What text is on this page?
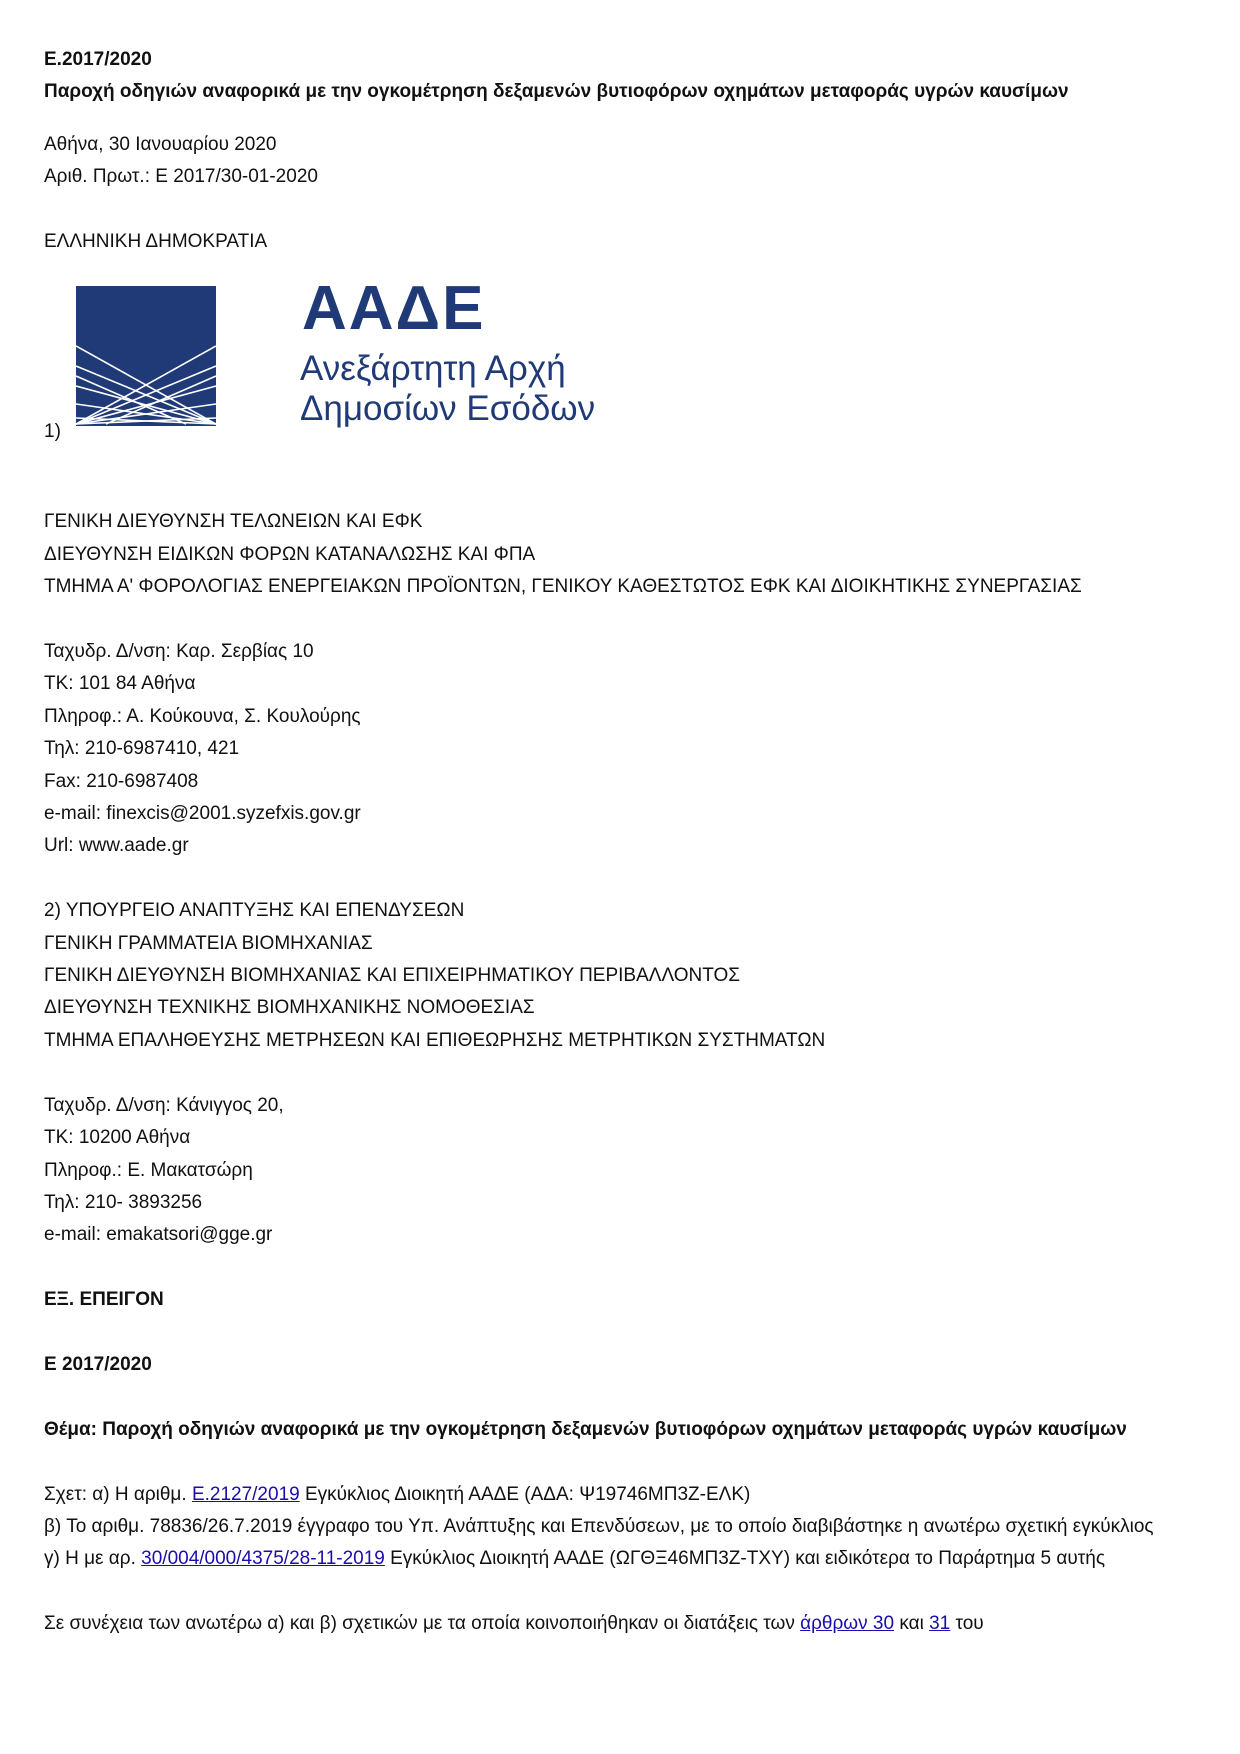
Ε.2017/2020
Παροχή οδηγιών αναφορικά με την ογκομέτρηση δεξαμενών βυτιοφόρων οχημάτων μεταφοράς υγρών καυσίμων
Αθήνα, 30 Ιανουαρίου 2020
Αριθ. Πρωτ.: Ε 2017/30-01-2020
ΕΛΛΗΝΙΚΗ ΔΗΜΟΚΡΑΤΙΑ
1)
ΑΑΔΕ
Ανεξάρτητη Αρχή
Δημοσίων Εσόδων
ΓΕΝΙΚΗ ΔΙΕΥΘΥΝΣΗ ΤΕΛΩΝΕΙΩΝ ΚΑΙ ΕΦΚ
ΔΙΕΥΘΥΝΣΗ ΕΙΔΙΚΩΝ ΦΟΡΩΝ ΚΑΤΑΝΑΛΩΣΗΣ ΚΑΙ ΦΠΑ
ΤΜΗΜΑ Α' ΦΟΡΟΛΟΓΙΑΣ ΕΝΕΡΓΕΙΑΚΩΝ ΠΡΟΪΟΝΤΩΝ, ΓΕΝΙΚΟΥ ΚΑΘΕΣΤΩΤΟΣ ΕΦΚ ΚΑΙ ΔΙΟΙΚΗΤΙΚΗΣ ΣΥΝΕΡΓΑΣΙΑΣ
Ταχυδρ. Δ/νση: Καρ. Σερβίας 10
ΤΚ: 101 84 Αθήνα
Πληροφ.: Α. Κούκουνα, Σ. Κουλούρης
Τηλ: 210-6987410, 421
Fax: 210-6987408
e-mail: finexcis@2001.syzefxis.gov.gr
Url: www.aade.gr
2) ΥΠΟΥΡΓΕΙΟ ΑΝΑΠΤΥΞΗΣ ΚΑΙ ΕΠΕΝΔΥΣΕΩΝ
ΓΕΝΙΚΗ ΓΡΑΜΜΑΤΕΙΑ ΒΙΟΜΗΧΑΝΙΑΣ
ΓΕΝΙΚΗ ΔΙΕΥΘΥΝΣΗ ΒΙΟΜΗΧΑΝΙΑΣ ΚΑΙ ΕΠΙΧΕΙΡΗΜΑΤΙΚΟΥ ΠΕΡΙΒΑΛΛΟΝΤΟΣ
ΔΙΕΥΘΥΝΣΗ ΤΕΧΝΙΚΗΣ ΒΙΟΜΗΧΑΝΙΚΗΣ ΝΟΜΟΘΕΣΙΑΣ
ΤΜΗΜΑ ΕΠΑΛΗΘΕΥΣΗΣ ΜΕΤΡΗΣΕΩΝ ΚΑΙ ΕΠΙΘΕΩΡΗΣΗΣ ΜΕΤΡΗΤΙΚΩΝ ΣΥΣΤΗΜΑΤΩΝ
Ταχυδρ. Δ/νση: Κάνιγγος 20,
ΤΚ: 10200 Αθήνα
Πληροφ.: Ε. Μακατσώρη
Τηλ: 210- 3893256
e-mail: emakatsori@gge.gr
ΕΞ. ΕΠΕΙΓΟΝ
Ε 2017/2020
Θέμα: Παροχή οδηγιών αναφορικά με την ογκομέτρηση δεξαμενών βυτιοφόρων οχημάτων μεταφοράς υγρών καυσίμων
Σχετ: α) Η αριθμ. Ε.2127/2019 Εγκύκλιος Διοικητή ΑΑΔΕ (ΑΔΑ: Ψ19746ΜΠ3Ζ-ΕΛΚ)
β) Το αριθμ. 78836/26.7.2019 έγγραφο του Υπ. Ανάπτυξης και Επενδύσεων, με το οποίο διαβιβάστηκε η ανωτέρω σχετική εγκύκλιος
γ) Η με αρ. 30/004/000/4375/28-11-2019 Εγκύκλιος Διοικητή ΑΑΔΕ (ΩΓΘΞ46ΜΠ3Ζ-ΤΧΥ) και ειδικότερα το Παράρτημα 5 αυτής
Σε συνέχεια των ανωτέρω α) και β) σχετικών με τα οποία κοινοποιήθηκαν οι διατάξεις των άρθρων 30 και 31 του
